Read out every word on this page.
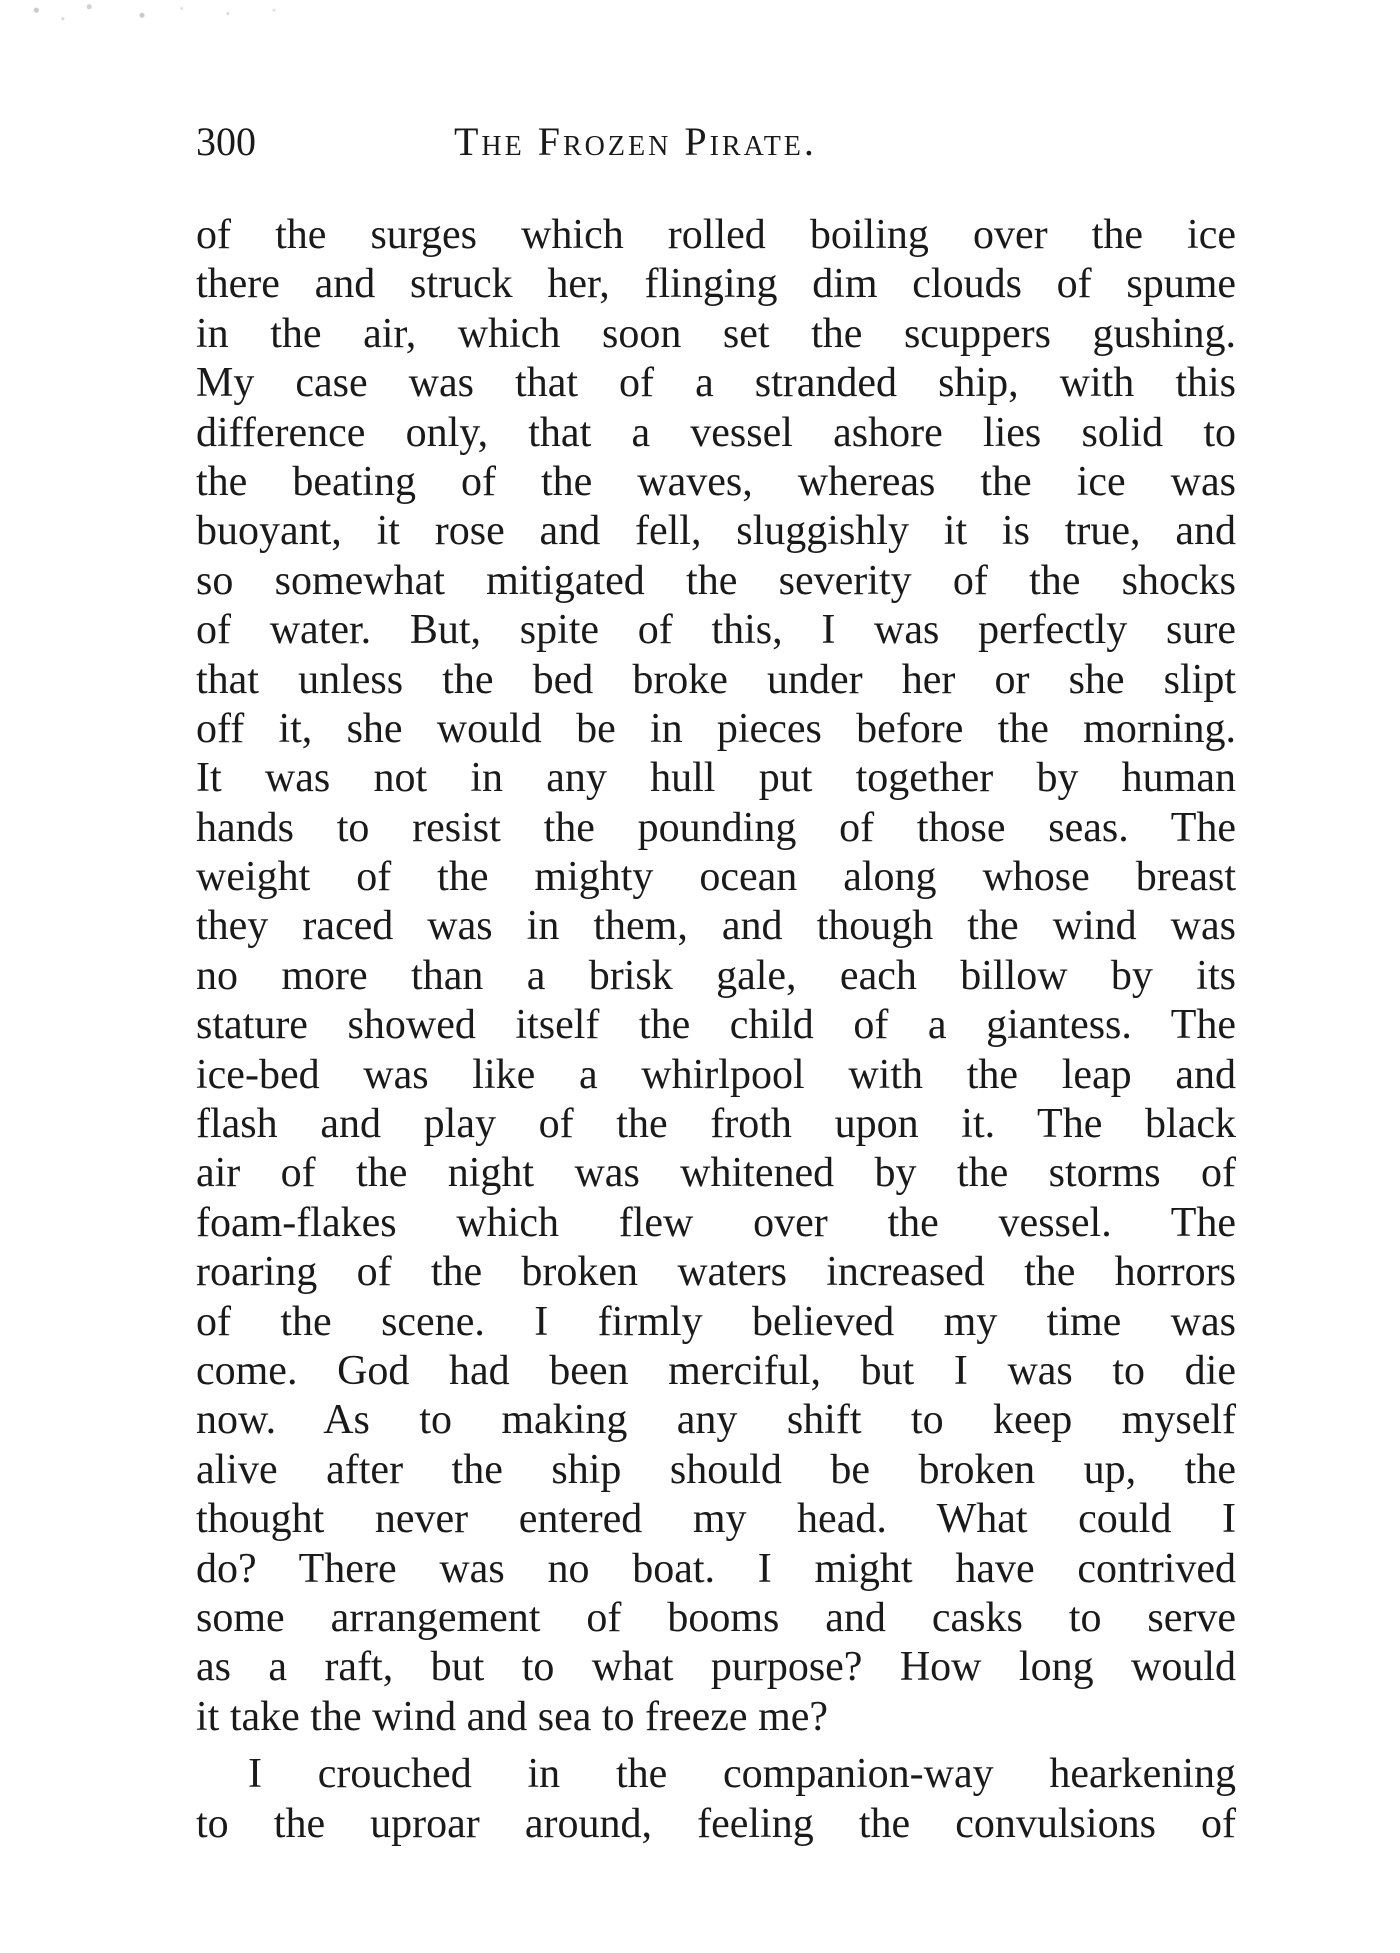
300	The Frozen Pirate.
of the surges which rolled boiling over the ice
there and struck her, flinging dim clouds of spume
in the air, which soon set the scuppers gushing.
My case was that of a stranded ship, with this
difference only, that a vessel ashore lies solid to
the beating of the waves, whereas the ice was
buoyant, it rose and fell, sluggishly it is true, and
so somewhat mitigated the severity of the shocks
of water. But, spite of this, I was perfectly sure
that unless the bed broke under her or she slipt
off it, she would be in pieces before the morning.
It was not in any hull put together by human
hands to resist the pounding of those seas. The
weight of the mighty ocean along whose breast
they raced was in them, and though the wind was
no more than a brisk gale, each billow by its
stature showed itself the child of a giantess. The
ice-bed was like a whirlpool with the leap and
flash and play of the froth upon it. The black
air of the night was whitened by the storms of
foam-flakes which flew over the vessel. The
roaring of the broken waters increased the horrors
of the scene. I firmly believed my time was
come. God had been merciful, but I was to die
now. As to making any shift to keep myself
alive after the ship should be broken up, the
thought never entered my head. What could I
do? There was no boat. I might have contrived
some arrangement of booms and casks to serve
as a raft, but to what purpose? How long would
it take the wind and sea to freeze me?
I crouched in the companion-way hearkening
to the uproar around, feeling the convulsions of
